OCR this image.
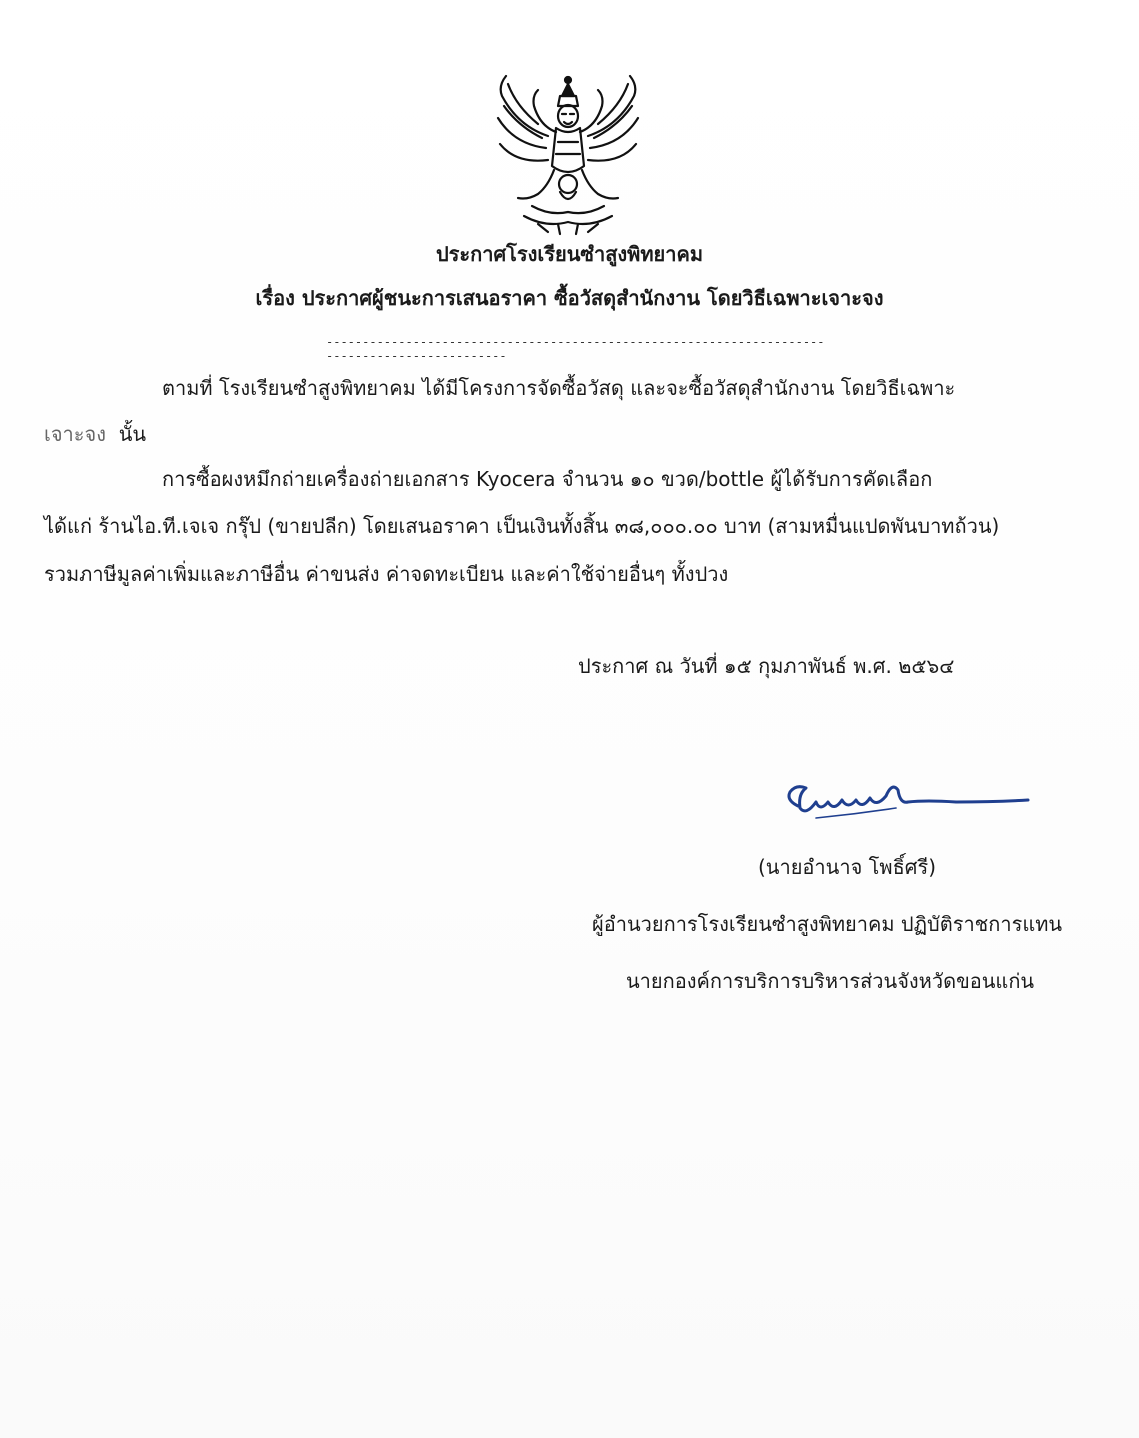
ประกาศโรงเรียนซำสูงพิทยาคม
เรื่อง ประกาศผู้ชนะการเสนอราคา ซื้อวัสดุสำนักงาน โดยวิธีเฉพาะเจาะจง
----------------------------------------------------------------------------------------------
ตามที่ โรงเรียนซำสูงพิทยาคม ได้มีโครงการจัดซื้อวัสดุ และจะซื้อวัสดุสำนักงาน โดยวิธีเฉพาะ
เจาะจง นั้น
การซื้อผงหมึกถ่ายเครื่องถ่ายเอกสาร Kyocera จำนวน ๑๐ ขวด/bottle ผู้ได้รับการคัดเลือก
ได้แก่ ร้านไอ.ที.เจเจ กรุ๊ป (ขายปลีก) โดยเสนอราคา เป็นเงินทั้งสิ้น ๓๘,๐๐๐.๐๐ บาท (สามหมื่นแปดพันบาทถ้วน)
รวมภาษีมูลค่าเพิ่มและภาษีอื่น ค่าขนส่ง ค่าจดทะเบียน และค่าใช้จ่ายอื่นๆ ทั้งปวง
ประกาศ ณ วันที่ ๑๕ กุมภาพันธ์ พ.ศ. ๒๕๖๔
(นายอำนาจ โพธิ์ศรี)
ผู้อำนวยการโรงเรียนซำสูงพิทยาคม ปฏิบัติราชการแทน
นายกองค์การบริการบริหารส่วนจังหวัดขอนแก่น
